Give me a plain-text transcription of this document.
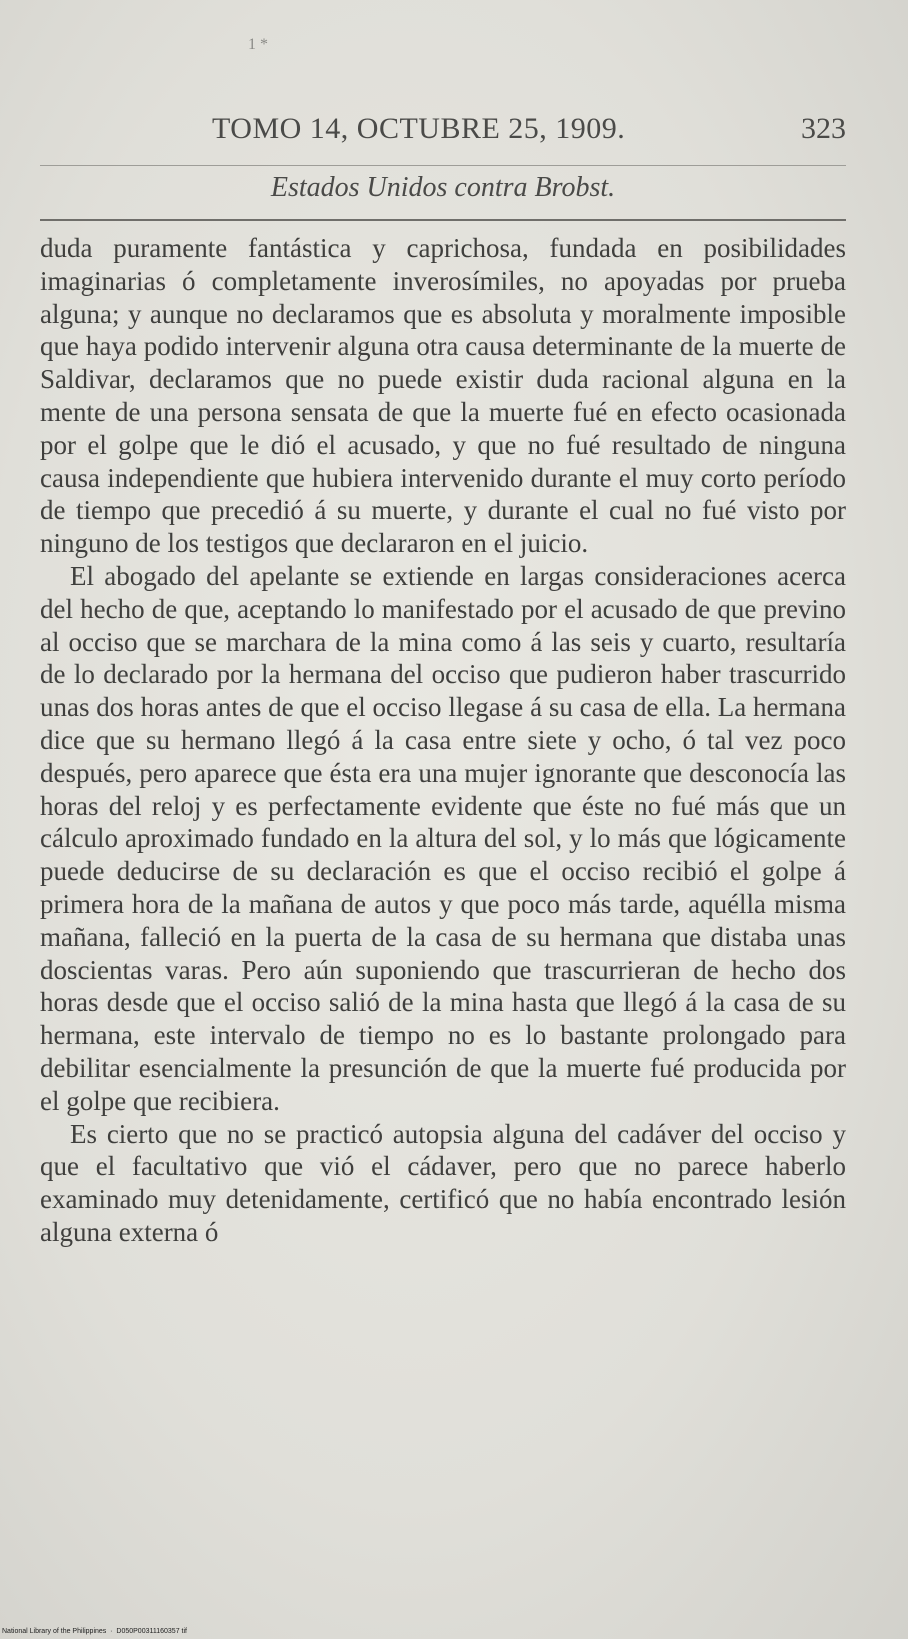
1 *
TOMO 14, OCTUBRE 25, 1909.	323
Estados Unidos contra Brobst.

duda puramente fantástica y caprichosa, fundada en posibilidades imaginarias ó completamente inverosímiles, no apoyadas por prueba alguna; y aunque no declaramos que es absoluta y moralmente imposible que haya podido intervenir alguna otra causa determinante de la muerte de Saldivar, declaramos que no puede existir duda racional alguna en la mente de una persona sensata de que la muerte fué en efecto ocasionada por el golpe que le dió el acusado, y que no fué resultado de ninguna causa independiente que hubiera intervenido durante el muy corto período de tiempo que precedió á su muerte, y durante el cual no fué visto por ninguno de los testigos que declararon en el juicio.

El abogado del apelante se extiende en largas consideraciones acerca del hecho de que, aceptando lo manifestado por el acusado de que previno al occiso que se marchara de la mina como á las seis y cuarto, resultaría de lo declarado por la hermana del occiso que pudieron haber trascurrido unas dos horas antes de que el occiso llegase á su casa de ella. La hermana dice que su hermano llegó á la casa entre siete y ocho, ó tal vez poco después, pero aparece que ésta era una mujer ignorante que desconocía las horas del reloj y es perfectamente evidente que éste no fué más que un cálculo aproximado fundado en la altura del sol, y lo más que lógicamente puede deducirse de su declaración es que el occiso recibió el golpe á primera hora de la mañana de autos y que poco más tarde, aquélla misma mañana, falleció en la puerta de la casa de su hermana que distaba unas doscientas varas. Pero aún suponiendo que trascurrieran de hecho dos horas desde que el occiso salió de la mina hasta que llegó á la casa de su hermana, este intervalo de tiempo no es lo bastante prolongado para debilitar esencialmente la presunción de que la muerte fué producida por el golpe que recibiera.

Es cierto que no se practicó autopsia alguna del cadáver del occiso y que el facultativo que vió el cádaver, pero que no parece haberlo examinado muy detenidamente, certificó que no había encontrado lesión alguna externa ó

National Library of the Philippines  ·  D050P00311160357 tif
